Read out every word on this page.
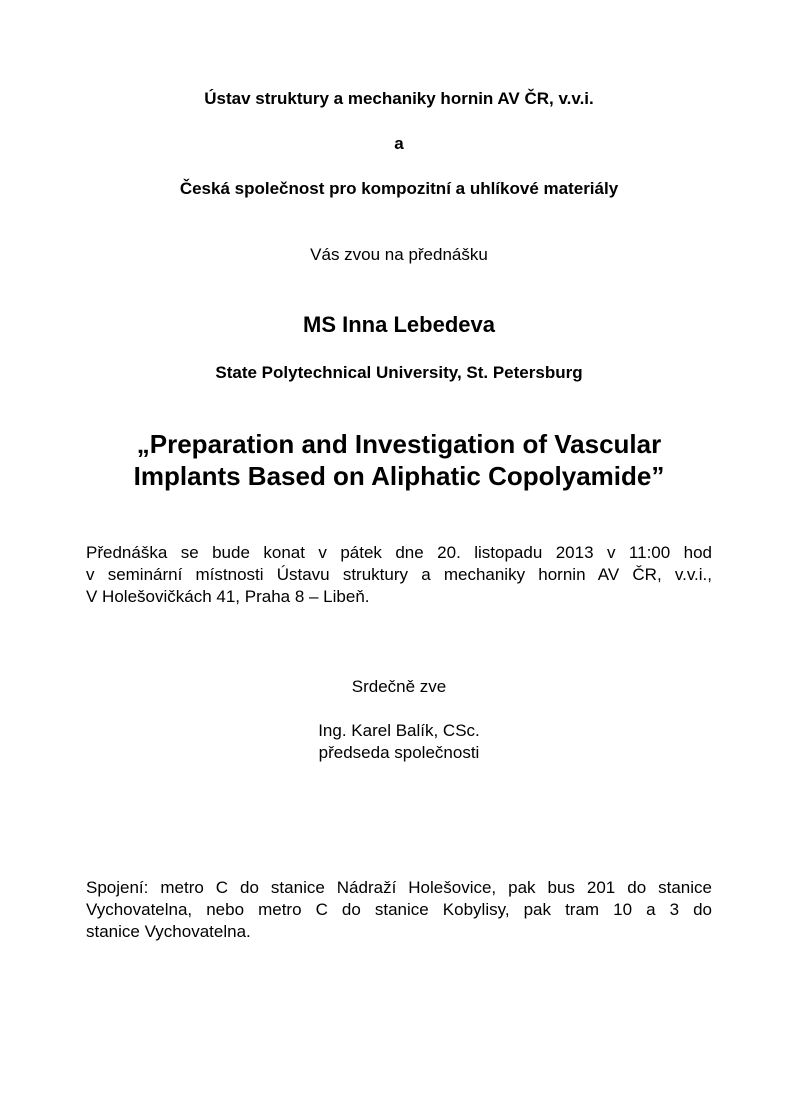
Ústav struktury a mechaniky hornin AV ČR, v.v.i.
a
Česká společnost pro kompozitní a uhlíkové materiály
Vás zvou na přednášku
MS Inna Lebedeva
State Polytechnical University, St. Petersburg
„Preparation and Investigation of Vascular
Implants Based on Aliphatic Copolyamide”
Přednáška se bude konat v pátek dne 20. listopadu 2013 v 11:00 hod
v seminární místnosti Ústavu struktury a mechaniky hornin AV ČR, v.v.i.,
V Holešovičkách 41, Praha 8 – Libeň.
Srdečně zve
Ing. Karel Balík, CSc.
předseda společnosti
Spojení: metro C do stanice Nádraží Holešovice, pak bus 201 do stanice
Vychovatelna, nebo metro C do stanice Kobylisy, pak tram 10 a 3 do
stanice Vychovatelna.
